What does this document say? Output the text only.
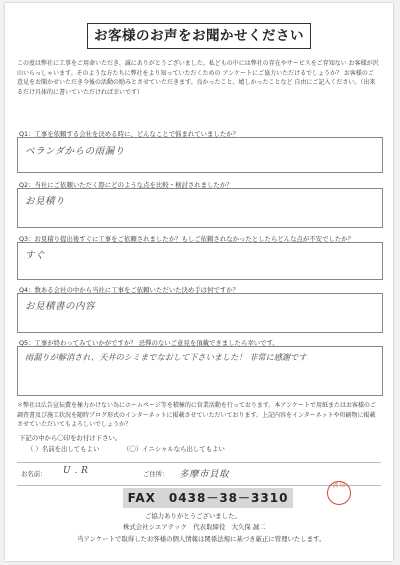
お客様のお声をお聞かせください
この度は弊社に工事をご用命いただき、誠にありがとうございました。私どもの中には弊社の存在やサービスをご存知ない お客様が沢山いらっしゃいます。そのような方たちに弊社をより知っていただくための アンケートにご協力いただけるでしょうか？ お客様のご意見をお聞かせいただき今後の活動の励みとさせていただきます。良かったこと、嬉しかったことなど 自由にご記入ください。（出来るだけ具体的に書いていただければ幸いです）
Q1：工事を依頼する会社を決める時に、どんなことで悩まれていましたか？
ベランダからの雨漏り
Q2：当社にご依頼いただく際にどのような点を比較・検討されましたか？
お見積り
Q3：お見積り提出後すぐに工事をご依頼されましたか？もしご依頼されなかったとしたらどんな点が不安でしたか？
すぐ
Q4：数ある会社の中から当社に工事をご依頼いただいた決め手は何ですか？
お見積書の内容
Q5：工事が終わってみていかがですか？ 忌憚のないご意見を頂戴できましたら幸いです。
雨漏りが解消され、天井のシミまでなおして下さいました！ 非常に感謝です
＊弊社は広告宣伝費を極力かけない為にホームページ等を積極的に営業活動を行っております。本アンケートで用紙またはお客様のご調査書及び施工状況を随時ブログ形式のインターネットに掲載させていただいております。上記内容をインターネットや印刷物に掲載させていただいてもよろしいでしょうか？
下記の中から〇印をお付け下さい。
（ ）名前を出してもよい	（〇）イニシャルなら出してもよい
お名前： U . R	ご住所： 多摩市貝取
済 印
FAX　0438－38－3310
ご協力ありがとうございました。
株式会社シエアテック　代表取締役　大久保 誠二
当アンケートで取得したお客様の個人情報は関係法規に基づき厳正に管理いたします。
